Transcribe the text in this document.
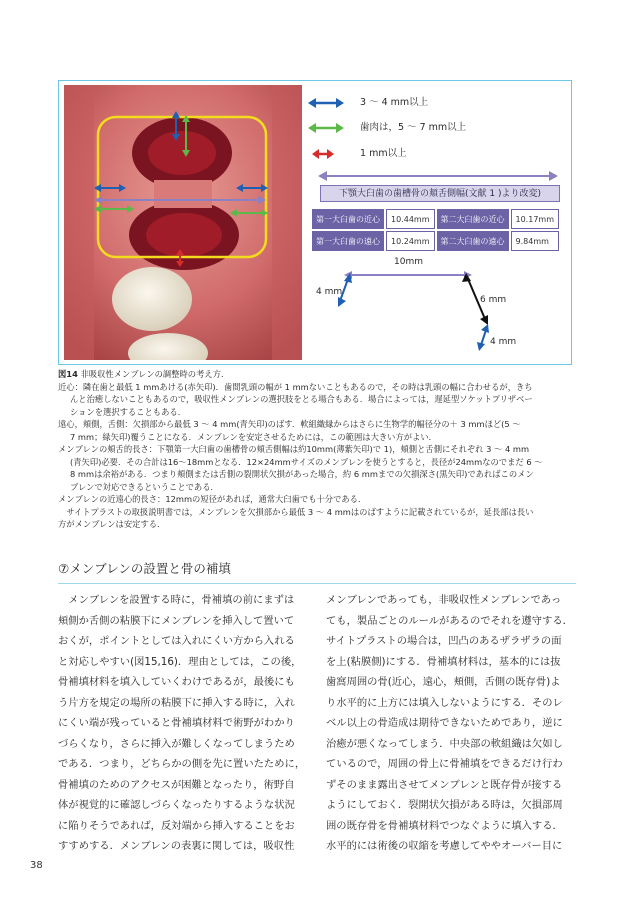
3 ～ 4 mm以上
歯肉は，5 ～ 7 mm以上
1 mm以上
下顎大臼歯の歯槽骨の頬舌側幅(文献 1 )より改変)
第一大臼歯の近心	10.44mm	第二大臼歯の近心	10.17mm
第一大臼歯の遠心	10.24mm	第二大臼歯の遠心	9.84mm
10mm
4 mm
6 mm
4 mm

図14 非吸収性メンブレンの調整時の考え方．

近心：隣在歯と最低 1 mmあける(赤矢印)．歯間乳頭の幅が 1 mmないこともあるので，その時は乳頭の幅に合わせるが，きち

んと治癒しないこともあるので，吸収性メンブレンの選択肢をとる場合もある．場合によっては，遅延型ソケットプリザベー

ションを選択することもある．

遠心，頬側，舌側：欠損部から最低 3 ～ 4 mm(青矢印)のばす．軟組織縁からはさらに生物学的幅径分の＋ 3 mmほど(5 ～

7 mm；緑矢印)覆うことになる．メンブレンを安定させるためには，この範囲は大きい方がよい．

メンブレンの頬舌的長さ：下顎第一大臼歯の歯槽骨の頬舌側幅は約10mm(薄紫矢印)で 1)，頬側と舌側にそれぞれ 3 ～ 4 mm

(青矢印)必要．その合計は16～18mmとなる．12×24mmサイズのメンブレンを使うとすると，長径が24mmなのでまだ 6 ～

8 mmは余裕がある．つまり頬側または舌側の裂開状欠損があった場合，約 6 mmまでの欠損深さ(黒矢印)であればこのメン

ブレンで対応できるということである．

メンブレンの近遠心的長さ：12mmの短径があれば，通常大臼歯でも十分である．

　サイトプラストの取扱説明書では，メンブレンを欠損部から最低 3 ～ 4 mmはのばすように記載されているが，延長部は長い

方がメンブレンは安定する．

⑦メンブレンの設置と骨の補填

　メンブレンを設置する時に，骨補填の前にまずは

頬側か舌側の粘膜下にメンブレンを挿入して置いて

おくが，ポイントとしては入れにくい方から入れる

と対応しやすい(図15,16)．理由としては，この後，

骨補填材料を填入していくわけであるが，最後にも

う片方を規定の場所の粘膜下に挿入する時に，入れ

にくい端が残っていると骨補填材料で術野がわかり

づらくなり，さらに挿入が難しくなってしまうため

である．つまり，どちらかの側を先に置いたために，

骨補填のためのアクセスが困難となったり，術野自

体が視覚的に確認しづらくなったりするような状況

に陥りそうであれば，反対端から挿入することをお

すすめする．メンブレンの表裏に関しては，吸収性

メンブレンであっても，非吸収性メンブレンであっ

ても，製品ごとのルールがあるのでそれを遵守する．

サイトプラストの場合は，凹凸のあるザラザラの面

を上(粘膜側)にする．骨補填材料は，基本的には抜

歯窩周囲の骨(近心，遠心，頬側，舌側の既存骨)よ

り水平的に上方には填入しないようにする．そのレ

ベル以上の骨造成は期待できないためであり，逆に

治癒が悪くなってしまう．中央部の軟組織は欠如し

ているので，周囲の骨上に骨補填をできるだけ行わ

ずそのまま露出させてメンブレンと既存骨が接する

ようにしておく．裂開状欠損がある時は，欠損部周

囲の既存骨を骨補填材料でつなぐように填入する．

水平的には術後の収縮を考慮してややオーバー目に

38
